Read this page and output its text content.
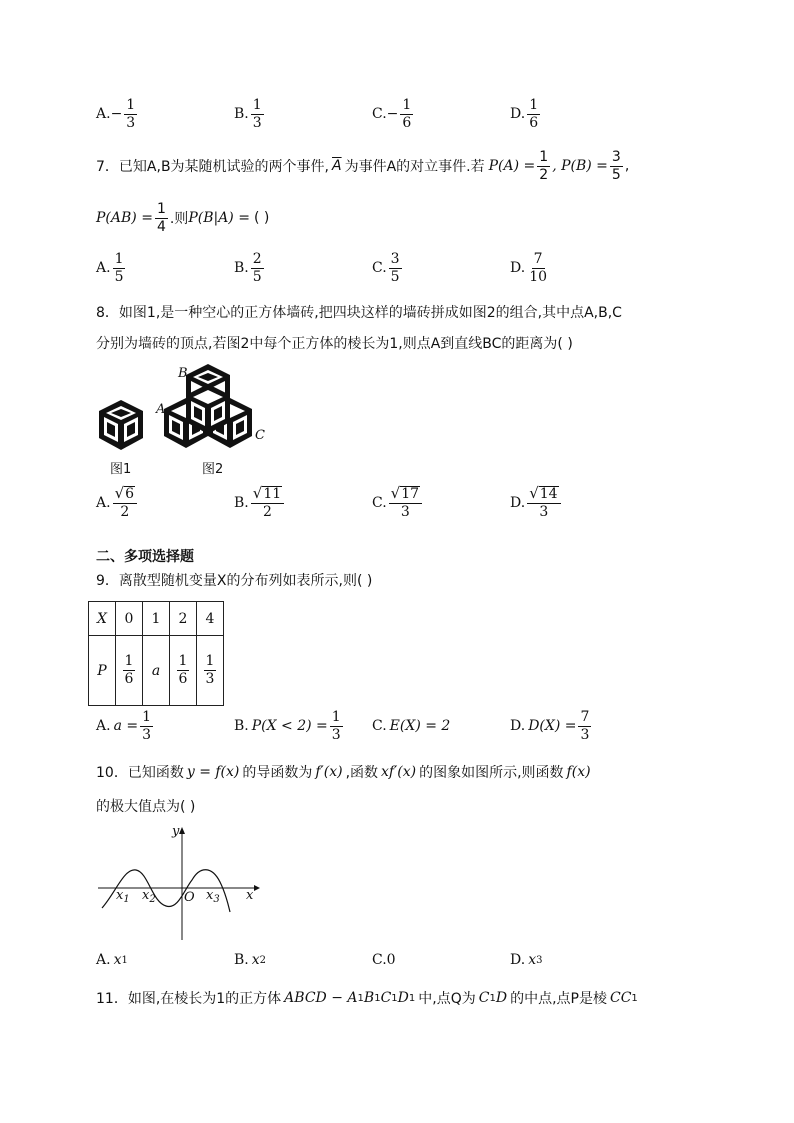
A. − $\frac{1}{3}$	B. $\frac{1}{3}$	C. − $\frac{1}{6}$	D. $\frac{1}{6}$
7． 已知A,B为某随机试验的两个事件, $\overline{A}$ 为事件A的对立事件.若 $P(A) = \frac{1}{2}$ , $P(B) = \frac{3}{5}$ ,
$P(AB) = \frac{1}{4}$ .则 P(B|A) = ( )
A. $\frac{1}{5}$	B. $\frac{2}{5}$	C. $\frac{3}{5}$	D. $\frac{7}{10}$
8．如图1,是一种空心的正方体墙砖,把四块这样的墙砖拼成如图2的组合,其中点A,B,C
分别为墙砖的顶点,若图2中每个正方体的棱长为1,则点A到直线BC的距离为( )
图1
B
A
C
图2
A. $\frac{√ 6}{2}$	B. $\frac{√ 11}{2}$	C. $\frac{√ 17}{3}$	D. $\frac{√ 14}{3}$
二、多项选择题
9．离散型随机变量X的分布列如表所示,则( )
X	0	1	2	4
P	$\frac{1}{6}$	a	$\frac{1}{6}$	$\frac{1}{3}$
A. $a = \frac{1}{3}$	B. $P(X < 2) = \frac{1}{3} C$. E(X) = 2	D. $D(X) = \frac{7}{3}$
10．已知函数 y = f(x) 的导函数为 f′(x) ,函数 xf′(x) 的图象如图所示,则函数 f(x)
的极大值点为( )
y
x
O
$x_1$ $x_2$	$x_3$
A. x 1	B. x 2	C. 0	D. x 3
11．如图,在棱长为1的正方体 ABCD − A 1 B 1 C 1 D 1 中,点Q为 C 1 D 的中点,点P是棱 CC 1
